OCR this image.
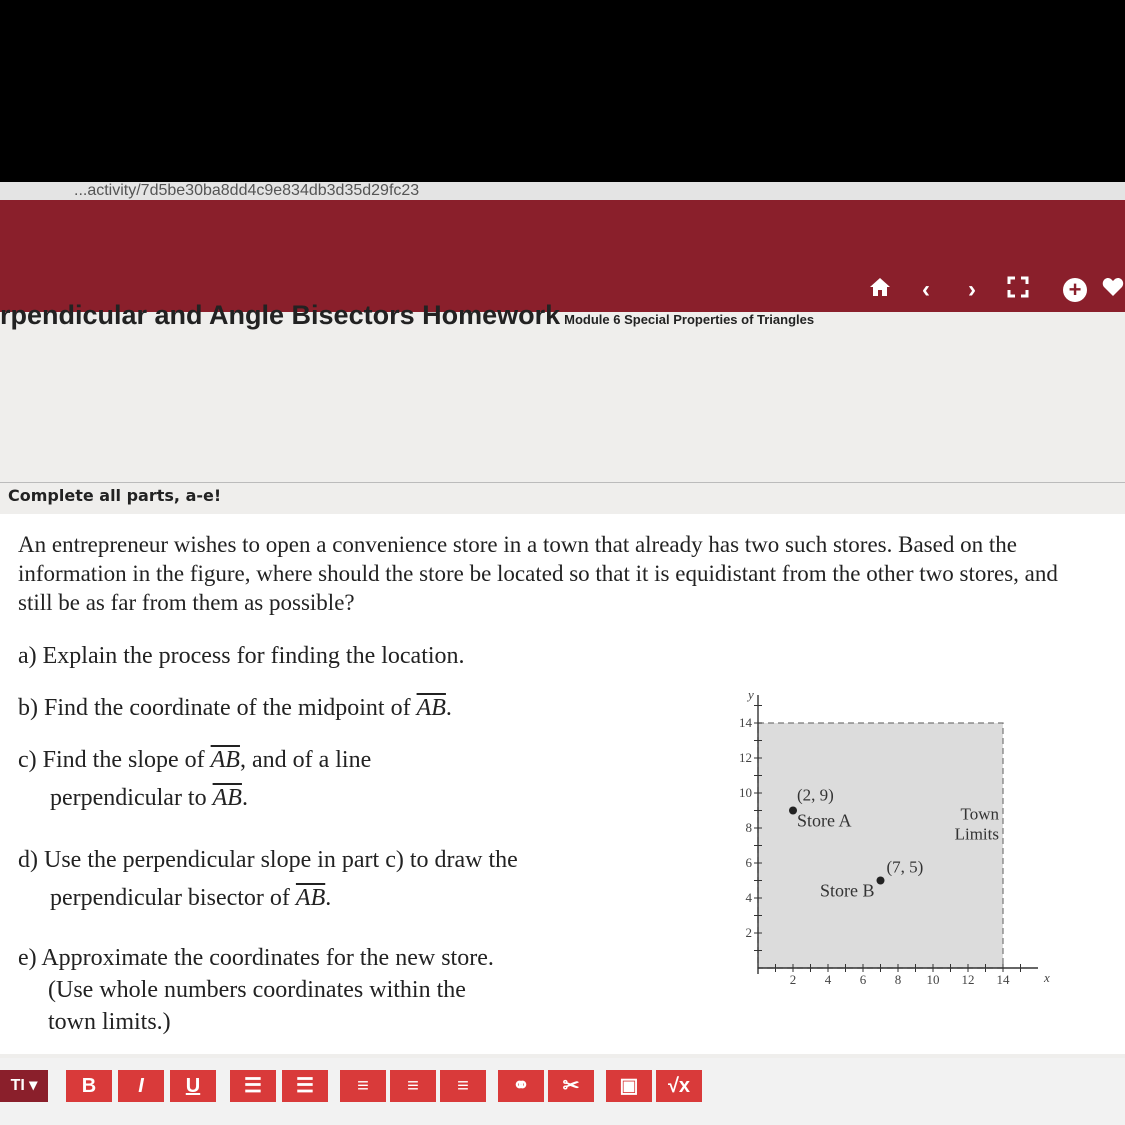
...activity/7d5be30ba8dd4c9e834db3d35d29fc23
‹	›	+
rpendicular and Angle Bisectors Homework Module 6 Special Properties of Triangles
Complete all parts, a-e!
An entrepreneur wishes to open a convenience store in a town that already has two such stores. Based on the information in the figure, where should the store be located so that it is equidistant from the other two stores, and still be as far from them as possible?
a) Explain the process for finding the location.
b) Find the coordinate of the midpoint of $\overline{AB}$.
c) Find the slope of $\overline{AB}$, and of a line
perpendicular to $\overline{AB}$.
d) Use the perpendicular slope in part c) to draw the
perpendicular bisector of $\overline{AB}$.
e) Approximate the coordinates for the new store.
(Use whole numbers coordinates within the
town limits.)
2 4 6 8 10 12 14
2
4
6
8
10
12
14
x
y
(2, 9)
Store A
(7, 5)
Store B
Town
Limits
TI ▾	B	I	U	☰	☰	≡	≡	≡	⚭	✂	▣	√x
